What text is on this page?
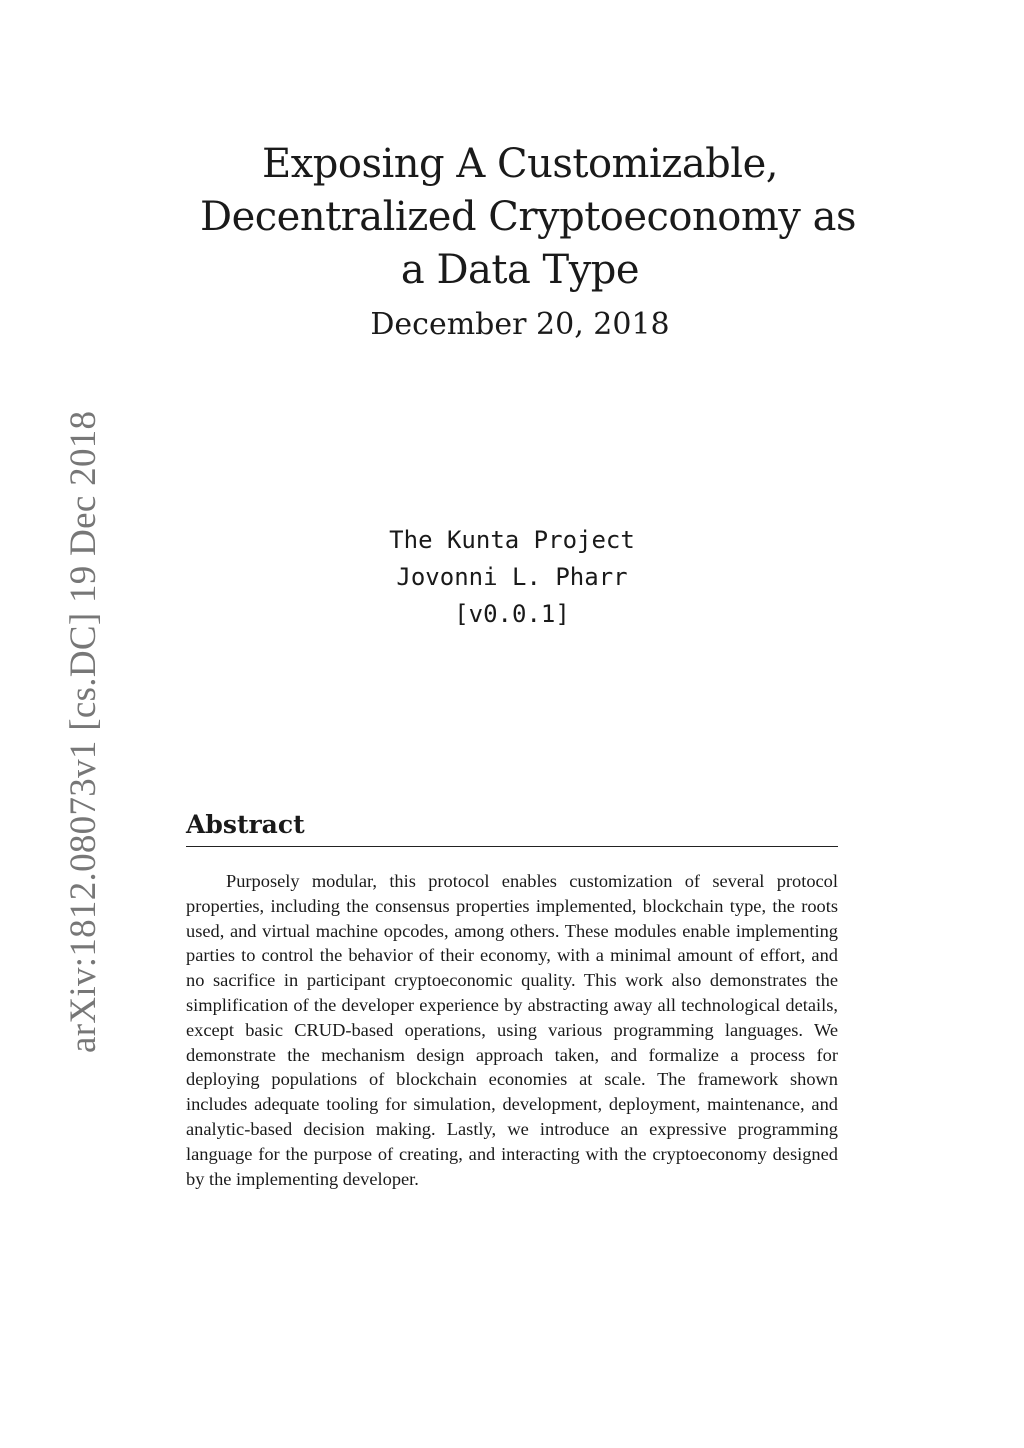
arXiv:1812.08073v1 [cs.DC] 19 Dec 2018
Exposing A Customizable,
Decentralized Cryptoeconomy as
a Data Type
December 20, 2018
The Kunta Project
Jovonni L. Pharr
[v0.0.1]
Abstract

Purposely modular, this protocol enables customization of several protocol properties, including the consensus properties implemented, blockchain type, the roots used, and virtual machine opcodes, among others. These modules enable implementing parties to control the behavior of their economy, with a minimal amount of effort, and no sacrifice in participant cryptoeconomic quality. This work also demonstrates the simplification of the developer experience by abstracting away all technological details, except basic CRUD-based operations, using various programming languages. We demonstrate the mechanism design approach taken, and formalize a process for deploying populations of blockchain economies at scale. The framework shown includes adequate tooling for simulation, development, deployment, maintenance, and analytic-based decision making. Lastly, we introduce an expressive programming language for the purpose of creating, and interacting with the cryptoeconomy designed by the implementing developer.
